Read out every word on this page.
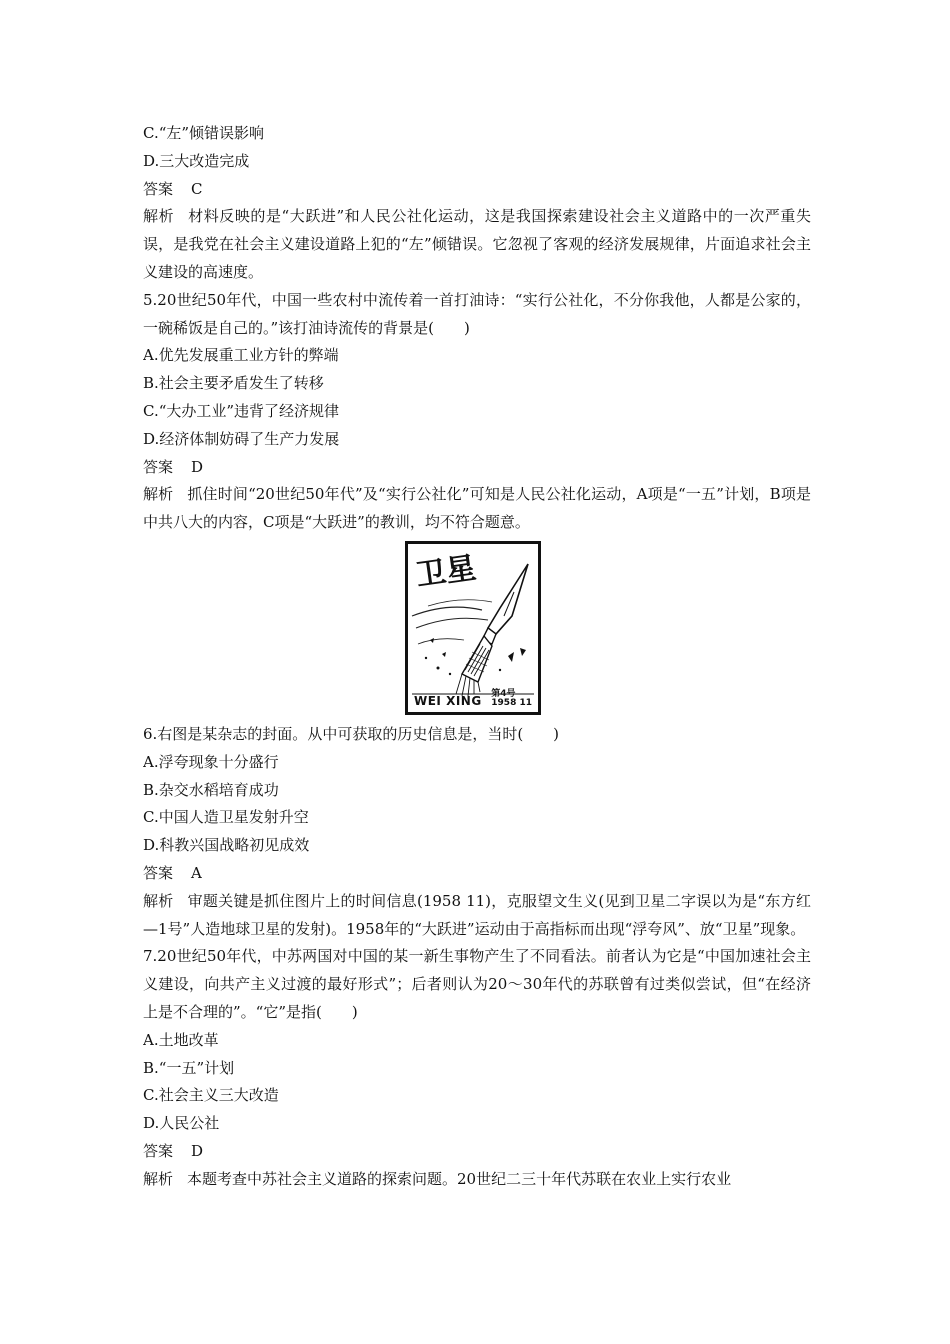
C.“左”倾错误影响
D.三大改造完成
答案 C

解析 材料反映的是“大跃进”和人民公社化运动，这是我国探索建设社会主义道路中的一次严重失误，是我党在社会主义建设道路上犯的“左”倾错误。它忽视了客观的经济发展规律，片面追求社会主义建设的高速度。

5.20世纪50年代，中国一些农村中流传着一首打油诗：“实行公社化，不分你我他，人都是公家的，一碗稀饭是自己的。”该打油诗流传的背景是(　　)

A.优先发展重工业方针的弊端
B.社会主要矛盾发生了转移
C.“大办工业”违背了经济规律
D.经济体制妨碍了生产力发展
答案 D

解析 抓住时间“20世纪50年代”及“实行公社化”可知是人民公社化运动，A项是“一五”计划，B项是中共八大的内容，C项是“大跃进”的教训，均不符合题意。

卫星
WEI XING 第4号
1958 11

6.右图是某杂志的封面。从中可获取的历史信息是，当时(　　)

A.浮夸现象十分盛行
B.杂交水稻培育成功
C.中国人造卫星发射升空
D.科教兴国战略初见成效
答案 A

解析 审题关键是抓住图片上的时间信息(1958 11)，克服望文生义(见到卫星二字误以为是“东方红—1号”人造地球卫星的发射)。1958年的“大跃进”运动由于高指标而出现“浮夸风”、放“卫星”现象。

7.20世纪50年代，中苏两国对中国的某一新生事物产生了不同看法。前者认为它是“中国加速社会主义建设，向共产主义过渡的最好形式”；后者则认为20～30年代的苏联曾有过类似尝试，但“在经济上是不合理的”。“它”是指(　　)

A.土地改革
B.“一五”计划
C.社会主义三大改造
D.人民公社
答案 D

解析 本题考查中苏社会主义道路的探索问题。20世纪二三十年代苏联在农业上实行农业
